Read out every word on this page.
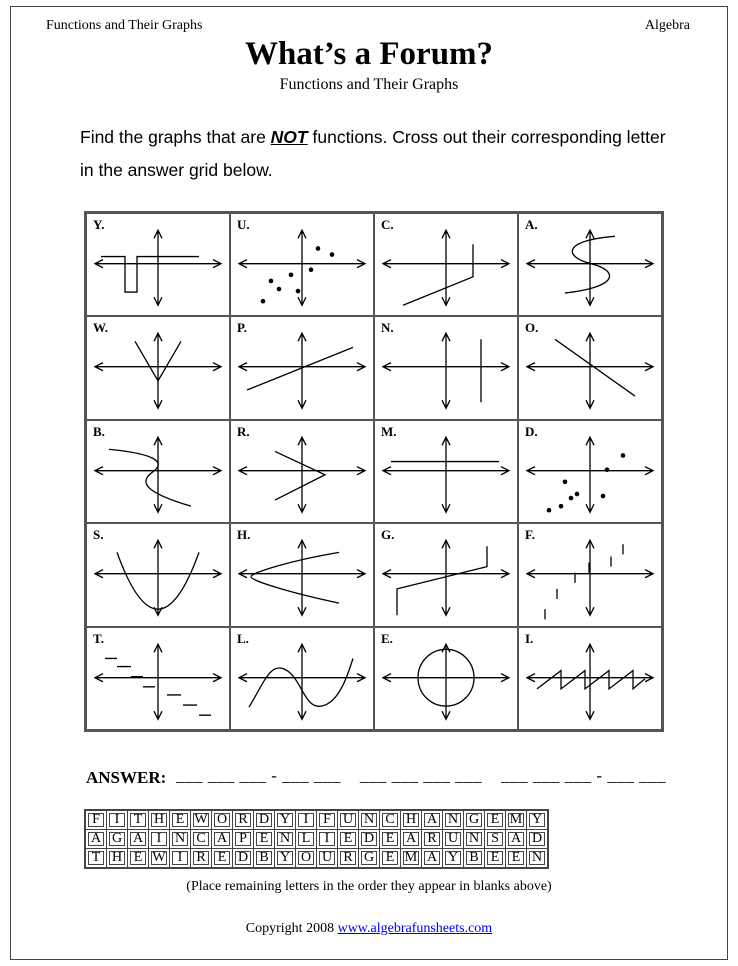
Functions and Their Graphs	Algebra
What’s a Forum?
Functions and Their Graphs
Find the graphs that are NOT functions. Cross out their corresponding letter in the answer grid below.
Y.	U.	C.	A.
W.	P.	N.	O.
B.	R.	M.	D.
S.	H.	G.	F.
T.	L.	E.	I.
ANSWER: ___ ___ ___ - ___ ___    ___ ___ ___ ___    ___ ___ ___ - ___ ___
F	I	T	H	E	W	O	R	D	Y	I	F	U	N	C	H	A	N	G	E	M	Y
A	G	A	I	N	C	A	P	E	N	L	I	E	D	E	A	R	U	N	S	A	D
T	H	E	W	I	R	E	D	B	Y	O	U	R	G	E	M	A	Y	B	E	E	N
(Place remaining letters in the order they appear in blanks above)
Copyright 2008 www.algebrafunsheets.com
